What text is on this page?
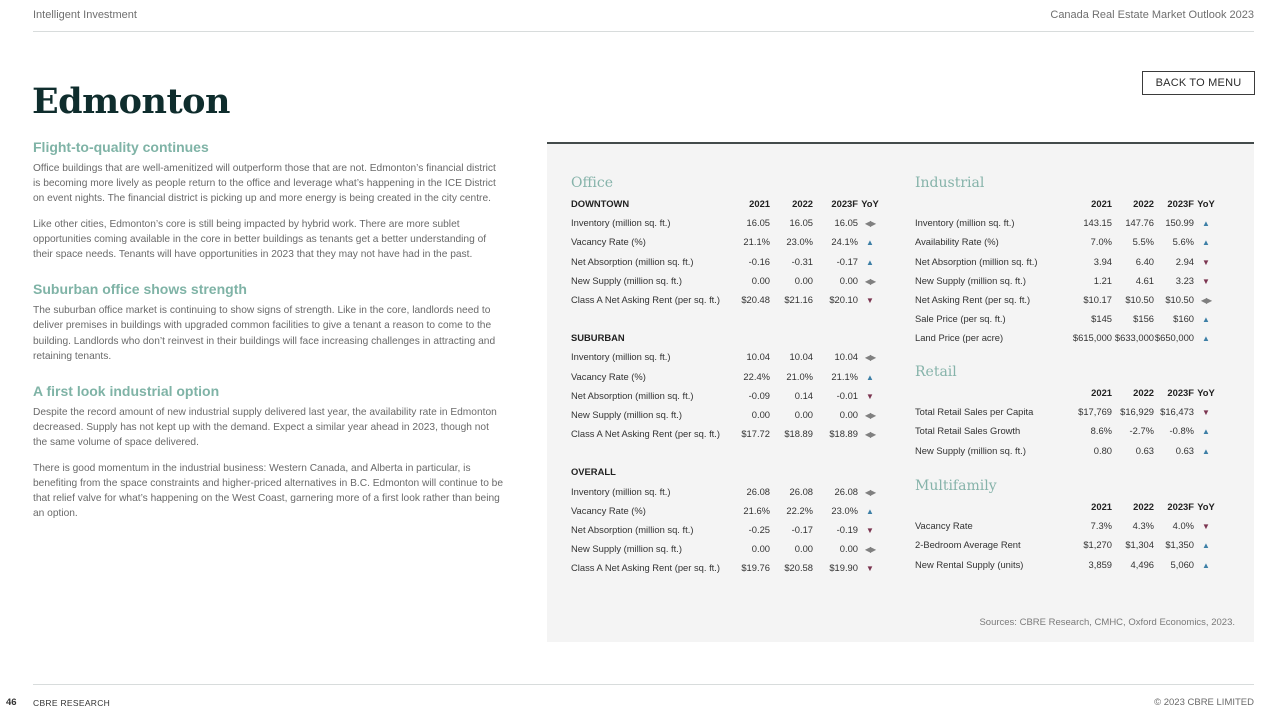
Intelligent Investment	Canada Real Estate Market Outlook 2023
BACK TO MENU
Edmonton
Flight-to-quality continues

Office buildings that are well-amenitized will outperform those that are not. Edmonton’s financial district is becoming more lively as people return to the office and leverage what’s happening in the ICE District on event nights. The financial district is picking up and more energy is being created in the city centre.

Like other cities, Edmonton’s core is still being impacted by hybrid work. There are more sublet opportunities coming available in the core in better buildings as tenants get a better understanding of their space needs. Tenants will have opportunities in 2023 that they may not have had in the past.

Suburban office shows strength

The suburban office market is continuing to show signs of strength. Like in the core, landlords need to deliver premises in buildings with upgraded common facilities to give a tenant a reason to come to the building. Landlords who don’t reinvest in their buildings will face increasing challenges in attracting and retaining tenants.

A first look industrial option

Despite the record amount of new industrial supply delivered last year, the availability rate in Edmonton decreased. Supply has not kept up with the demand. Expect a similar year ahead in 2023, though not the same volume of space delivered.

There is good momentum in the industrial business: Western Canada, and Alberta in particular, is benefiting from the space constraints and higher-priced alternatives in B.C. Edmonton will continue to be that relief valve for what’s happening on the West Coast, garnering more of a first look rather than being an option.

Office
DOWNTOWN	2021	2022	2023F	YoY
Inventory (million sq. ft.)	16.05	16.05	16.05	◀▶
Vacancy Rate (%)	21.1%	23.0%	24.1%	▲
Net Absorption (million sq. ft.)	-0.16	-0.31	-0.17	▲
New Supply (million sq. ft.)	0.00	0.00	0.00	◀▶
Class A Net Asking Rent (per sq. ft.)	$20.48	$21.16	$20.10	▼

SUBURBAN				
Inventory (million sq. ft.)	10.04	10.04	10.04	◀▶
Vacancy Rate (%)	22.4%	21.0%	21.1%	▲
Net Absorption (million sq. ft.)	-0.09	0.14	-0.01	▼
New Supply (million sq. ft.)	0.00	0.00	0.00	◀▶
Class A Net Asking Rent (per sq. ft.)	$17.72	$18.89	$18.89	◀▶

OVERALL				
Inventory (million sq. ft.)	26.08	26.08	26.08	◀▶
Vacancy Rate (%)	21.6%	22.2%	23.0%	▲
Net Absorption (million sq. ft.)	-0.25	-0.17	-0.19	▼
New Supply (million sq. ft.)	0.00	0.00	0.00	◀▶
Class A Net Asking Rent (per sq. ft.)	$19.76	$20.58	$19.90	▼
Industrial
	2021	2022	2023F	YoY
Inventory (million sq. ft.)	143.15	147.76	150.99	▲
Availability Rate (%)	7.0%	5.5%	5.6%	▲
Net Absorption (million sq. ft.)	3.94	6.40	2.94	▼
New Supply (million sq. ft.)	1.21	4.61	3.23	▼
Net Asking Rent (per sq. ft.)	$10.17	$10.50	$10.50	◀▶
Sale Price (per sq. ft.)	$145	$156	$160	▲
Land Price (per acre)	$615,000	$633,000	$650,000	▲
Retail
	2021	2022	2023F	YoY
Total Retail Sales per Capita	$17,769	$16,929	$16,473	▼
Total Retail Sales Growth	8.6%	-2.7%	-0.8%	▲
New Supply (million sq. ft.)	0.80	0.63	0.63	▲
Multifamily
	2021	2022	2023F	YoY
Vacancy Rate	7.3%	4.3%	4.0%	▼
2-Bedroom Average Rent	$1,270	$1,304	$1,350	▲
New Rental Supply (units)	3,859	4,496	5,060	▲
Sources: CBRE Research, CMHC, Oxford Economics, 2023.
46 CBRE RESEARCH	© 2023 CBRE LIMITED
